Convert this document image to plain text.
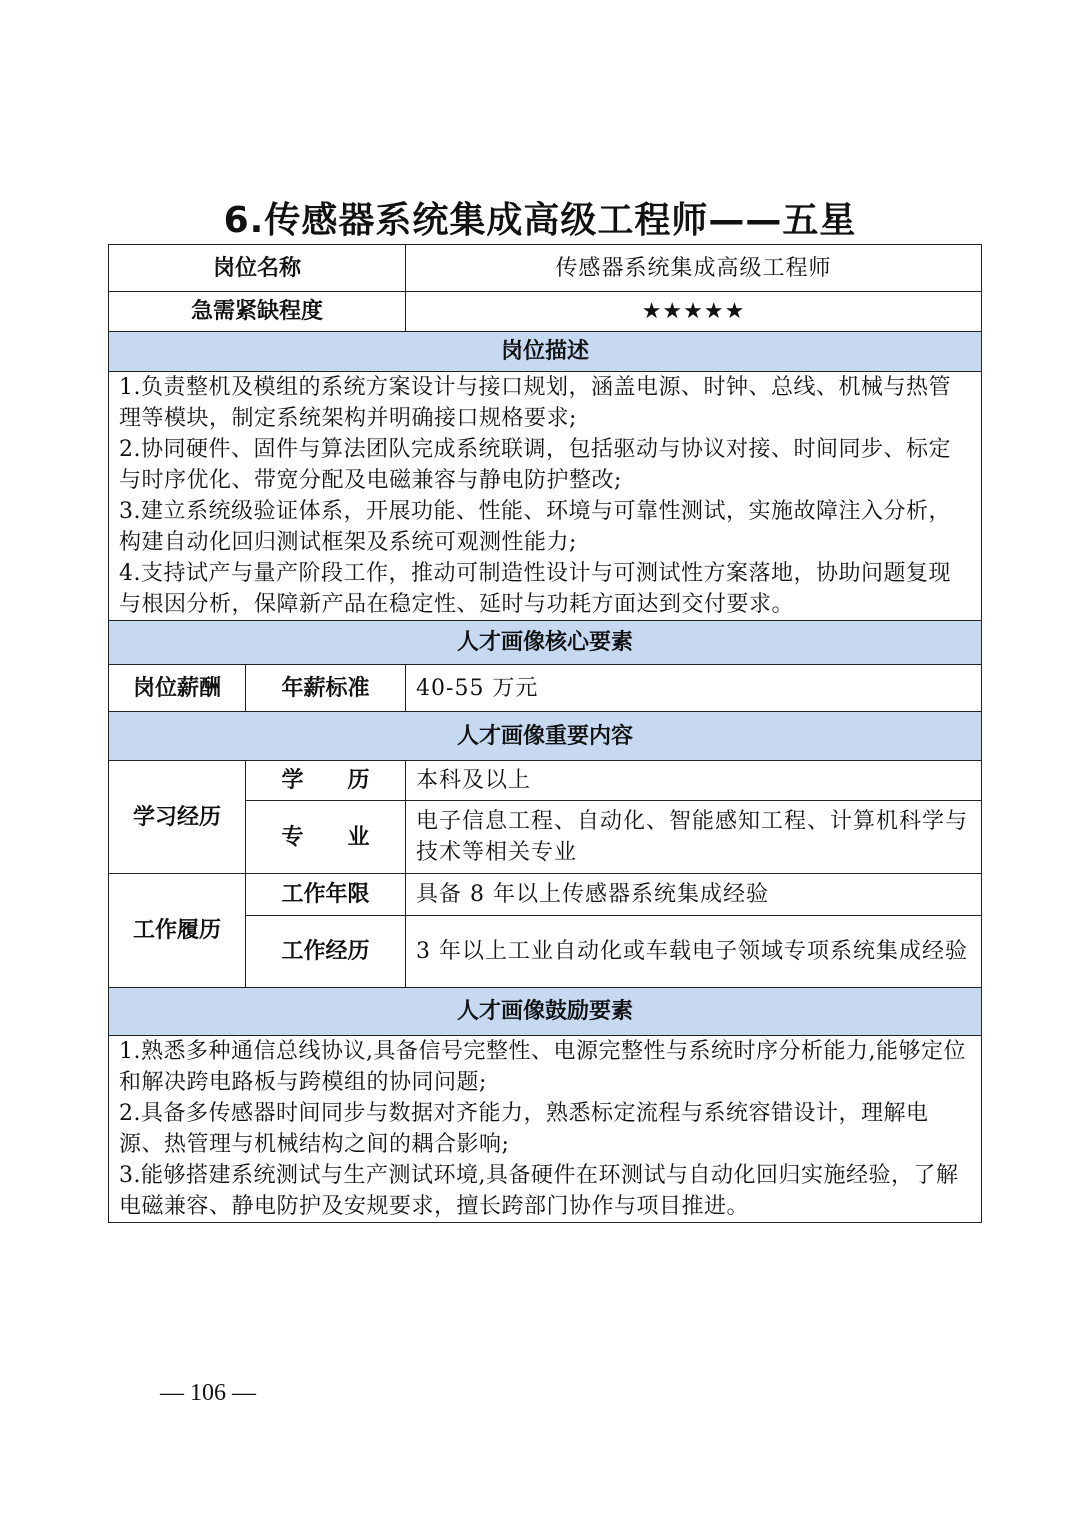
6.传感器系统集成高级工程师——五星
岗位名称		传感器系统集成高级工程师
急需紧缺程度		★★★★★
岗位描述		

1.负责整机及模组的系统方案设计与接口规划，涵盖电源、时钟、总线、机械与热管理等模块，制定系统架构并明确接口规格要求;

2.协同硬件、固件与算法团队完成系统联调，包括驱动与协议对接、时间同步、标定与时序优化、带宽分配及电磁兼容与静电防护整改;

3.建立系统级验证体系，开展功能、性能、环境与可靠性测试，实施故障注入分析，构建自动化回归测试框架及系统可观测性能力;

4.支持试产与量产阶段工作，推动可制造性设计与可测试性方案落地，协助问题复现与根因分析，保障新产品在稳定性、延时与功耗方面达到交付要求。		

人才画像核心要素		
岗位薪酬	年薪标准	40-55 万元
人才画像重要内容		
学习经历	学　　历	本科及以上
	专　　业	电子信息工程、自动化、智能感知工程、计算机科学与技术等相关专业
工作履历	工作年限	具备 8 年以上传感器系统集成经验
	工作经历	3 年以上工业自动化或车载电子领域专项系统集成经验
人才画像鼓励要素		

1.熟悉多种通信总线协议,具备信号完整性、电源完整性与系统时序分析能力,能够定位和解决跨电路板与跨模组的协同问题;

2.具备多传感器时间同步与数据对齐能力，熟悉标定流程与系统容错设计，理解电源、热管理与机械结构之间的耦合影响;

3.能够搭建系统测试与生产测试环境,具备硬件在环测试与自动化回归实施经验，了解电磁兼容、静电防护及安规要求，擅长跨部门协作与项目推进。		

— 106 —
